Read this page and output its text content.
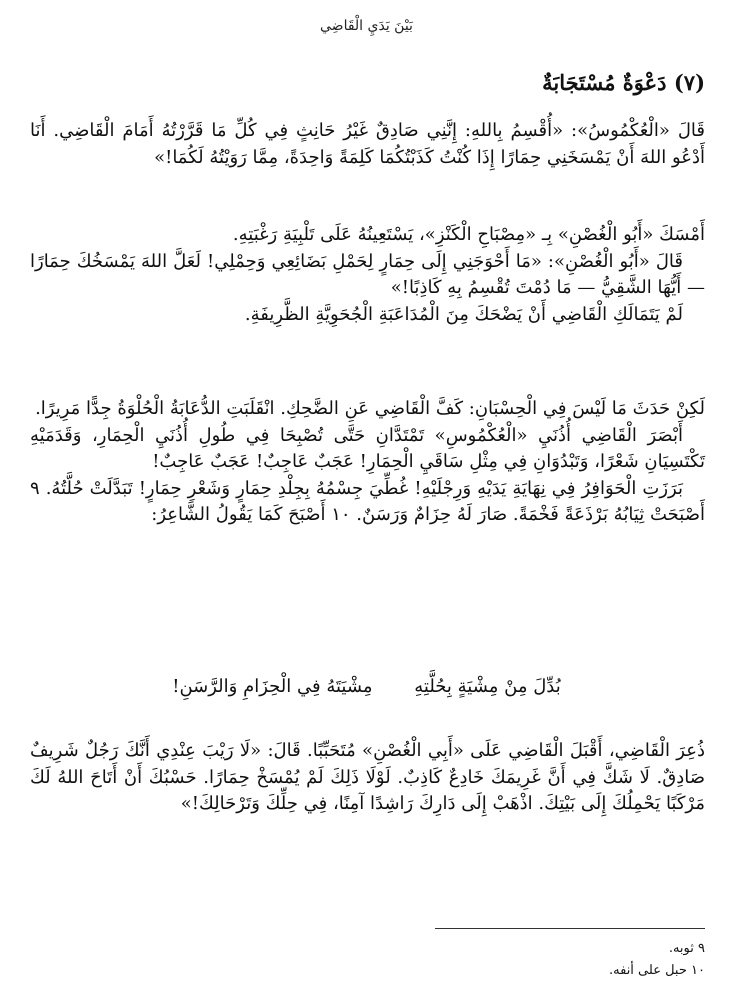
بَيْنَ يَدَيِ الْقَاضِي
(٧) دَعْوَةٌ مُسْتَجَابَةٌ

قَالَ «الْعُكْمُوسُ»: «أُقْسِمُ بِاللهِ: إِنَّنِي صَادِقٌ غَيْرُ حَانِثٍ فِي كُلِّ مَا قَرَّرْتُهُ أَمَامَ الْقَاضِي. أَنَا أَدْعُو اللهَ أَنْ يَمْسَخَنِي حِمَارًا إِذَا كُنْتُ كَذَبْتُكُمَا كَلِمَةً وَاحِدَةً، مِمَّا رَوَيْتُهُ لَكُمَا!»

أَمْسَكَ «أَبُو الْغُصْنِ» بِـ «مِصْبَاحِ الْكَنْزِ»، يَسْتَعِينُهُ عَلَى تَلْبِيَةِ رَغْبَتِهِ.

قَالَ «أَبُو الْغُصْنِ»: «مَا أَحْوَجَنِي إِلَى حِمَارٍ لِحَمْلِ بَضَائِعِي وَحِمْلِي! لَعَلَّ اللهَ يَمْسَخُكَ حِمَارًا — أَيُّهَا الشَّقِيُّ — مَا دُمْتَ تُقْسِمُ بِهِ كَاذِبًا!»

لَمْ يَتَمَالَكِ الْقَاضِي أَنْ يَضْحَكَ مِنَ الْمُدَاعَبَةِ الْجُحَوِيَّةِ الظَّرِيفَةِ.

لَكِنْ حَدَثَ مَا لَيْسَ فِي الْحِسْبَانِ: كَفَّ الْقَاضِي عَنِ الضَّحِكِ. انْقَلَبَتِ الدُّعَابَةُ الْحُلْوَةُ جِدًّا مَرِيرًا.

أَبْصَرَ الْقَاضِي أُذُنَيِ «الْعُكْمُوسِ» تَمْتَدَّانِ حَتَّى تُصْبِحَا فِي طُولِ أُذُنَيِ الْحِمَارِ، وَقَدَمَيْهِ تَكْتَسِيَانِ شَعْرًا، وَتَبْدُوَانِ فِي مِثْلِ سَاقَيِ الْحِمَارِ! عَجَبٌ عَاجِبٌ! عَجَبٌ عَاجِبٌ!

بَرَزَتِ الْحَوَافِرُ فِي نِهَايَةِ يَدَيْهِ وَرِجْلَيْهِ! غُطِّيَ جِسْمُهُ بِجِلْدِ حِمَارٍ وَشَعْرِ حِمَارٍ! تَبَدَّلَتْ حُلَّتُهُ. ٩ أَصْبَحَتْ ثِيَابُهُ بَرْذَعَةً فَخْمَةً. صَارَ لَهُ حِزَامٌ وَرَسَنٌ. ١٠ أَصْبَحَ كَمَا يَقُولُ الشَّاعِرُ:

بُدِّلَ مِنْ مِشْيَةٍ بِحُلَّتِهِ مِشْيَتَهُ فِي الْحِزَامِ وَالرَّسَنِ!

ذُعِرَ الْقَاضِي، أَقْبَلَ الْقَاضِي عَلَى «أَبِي الْغُصْنِ» مُتَحَبِّبًا. قَالَ: «لَا رَيْبَ عِنْدِي أَنَّكَ رَجُلٌ شَرِيفٌ صَادِقٌ. لَا شَكَّ فِي أَنَّ غَرِيمَكَ خَادِعٌ كَاذِبٌ. لَوْلَا ذَلِكَ لَمْ يُمْسَخْ حِمَارًا. حَسْبُكَ أَنْ أَتَاحَ اللهُ لَكَ مَرْكَبًا يَحْمِلُكَ إِلَى بَيْتِكَ. اذْهَبْ إِلَى دَارِكَ رَاشِدًا آمِنًا، فِي حِلِّكَ وَتَرْحَالِكَ!»

٩ ثوبه.

١٠ حبل على أنفه.
